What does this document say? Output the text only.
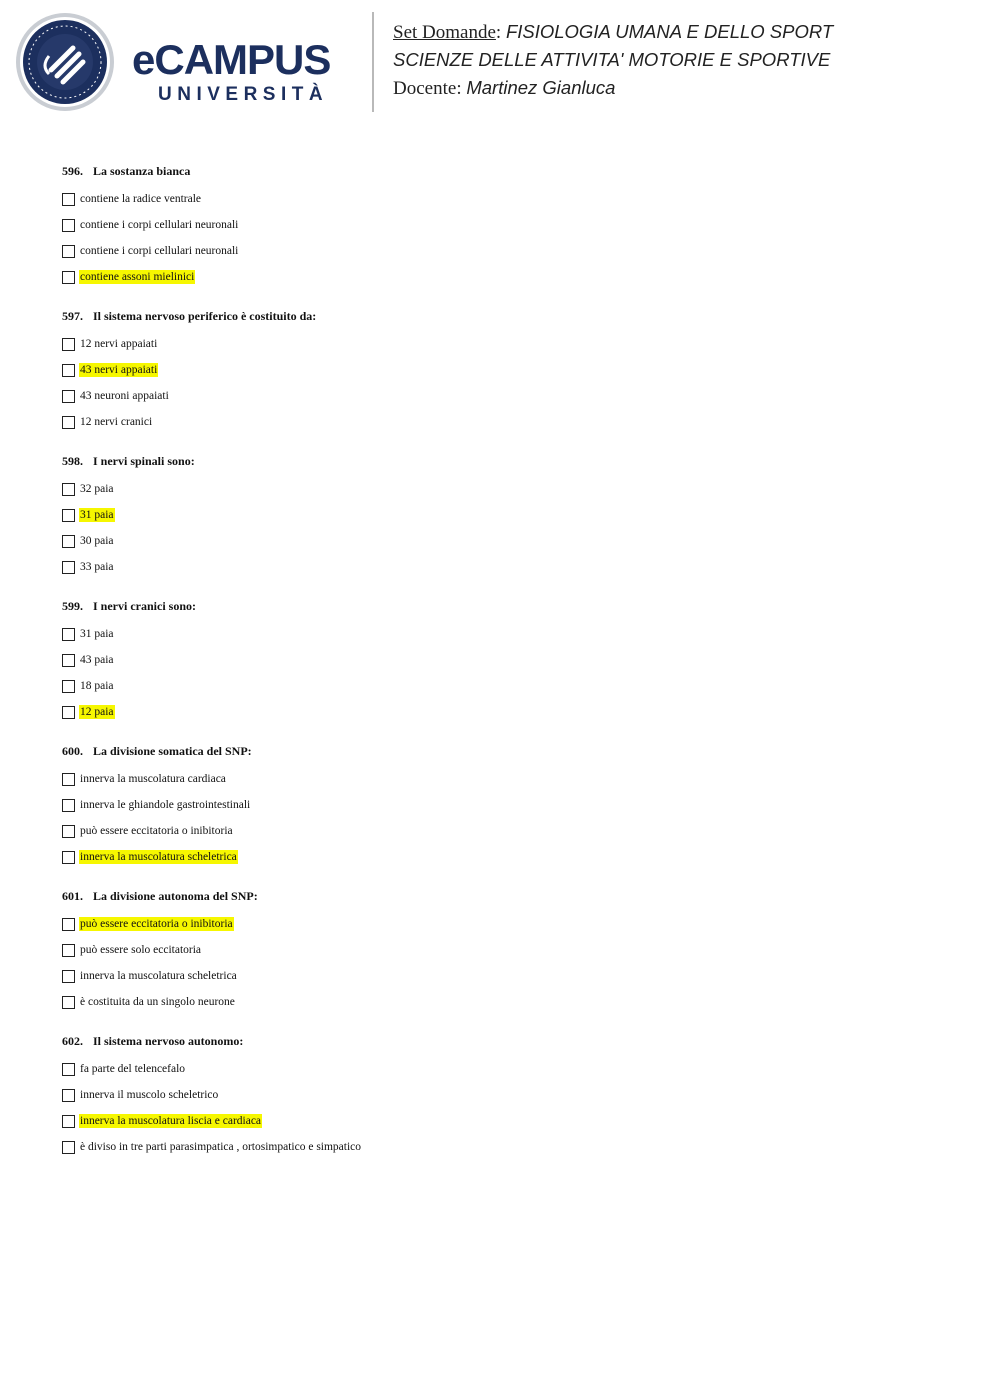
eCAMPUS
UNIVERSITÀ
Set Domande: FISIOLOGIA UMANA E DELLO SPORT
SCIENZE DELLE ATTIVITA' MOTORIE E SPORTIVE
Docente: Martinez Gianluca
596. La sostanza bianca
contiene la radice ventrale
contiene i corpi cellulari neuronali
contiene i corpi cellulari neuronali
contiene assoni mielinici
597. Il sistema nervoso periferico è costituito da:
12 nervi appaiati
43 nervi appaiati
43 neuroni appaiati
12 nervi cranici
598. I nervi spinali sono:
32 paia
31 paia
30 paia
33 paia
599. I nervi cranici sono:
31 paia
43 paia
18 paia
12 paia
600. La divisione somatica del SNP:
innerva la muscolatura cardiaca
innerva le ghiandole gastrointestinali
può essere eccitatoria o inibitoria
innerva la muscolatura scheletrica
601. La divisione autonoma del SNP:
può essere eccitatoria o inibitoria
può essere solo eccitatoria
innerva la muscolatura scheletrica
è costituita da un singolo neurone
602. Il sistema nervoso autonomo:
fa parte del telencefalo
innerva il muscolo scheletrico
innerva la muscolatura liscia e cardiaca
è diviso in tre parti parasimpatica , ortosimpatico e simpatico
